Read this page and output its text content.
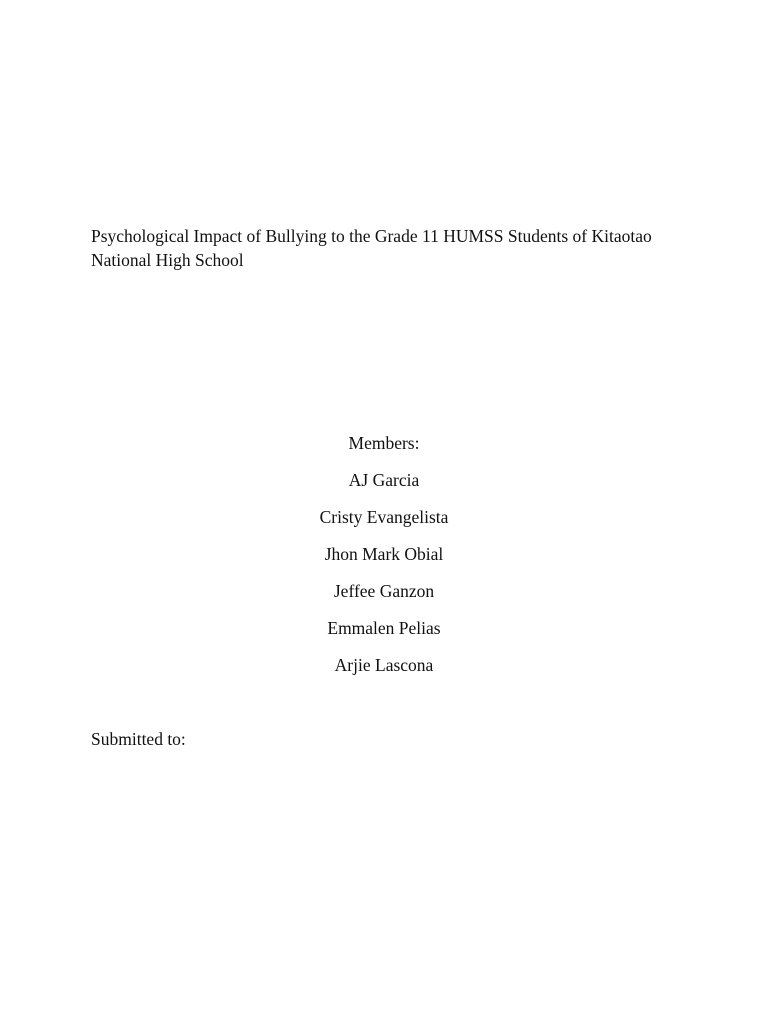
Psychological Impact of Bullying to the Grade 11 HUMSS Students of Kitaotao
National High School
Members:
AJ Garcia
Cristy Evangelista
Jhon Mark Obial
Jeffee Ganzon
Emmalen Pelias
Arjie Lascona
Submitted to:
